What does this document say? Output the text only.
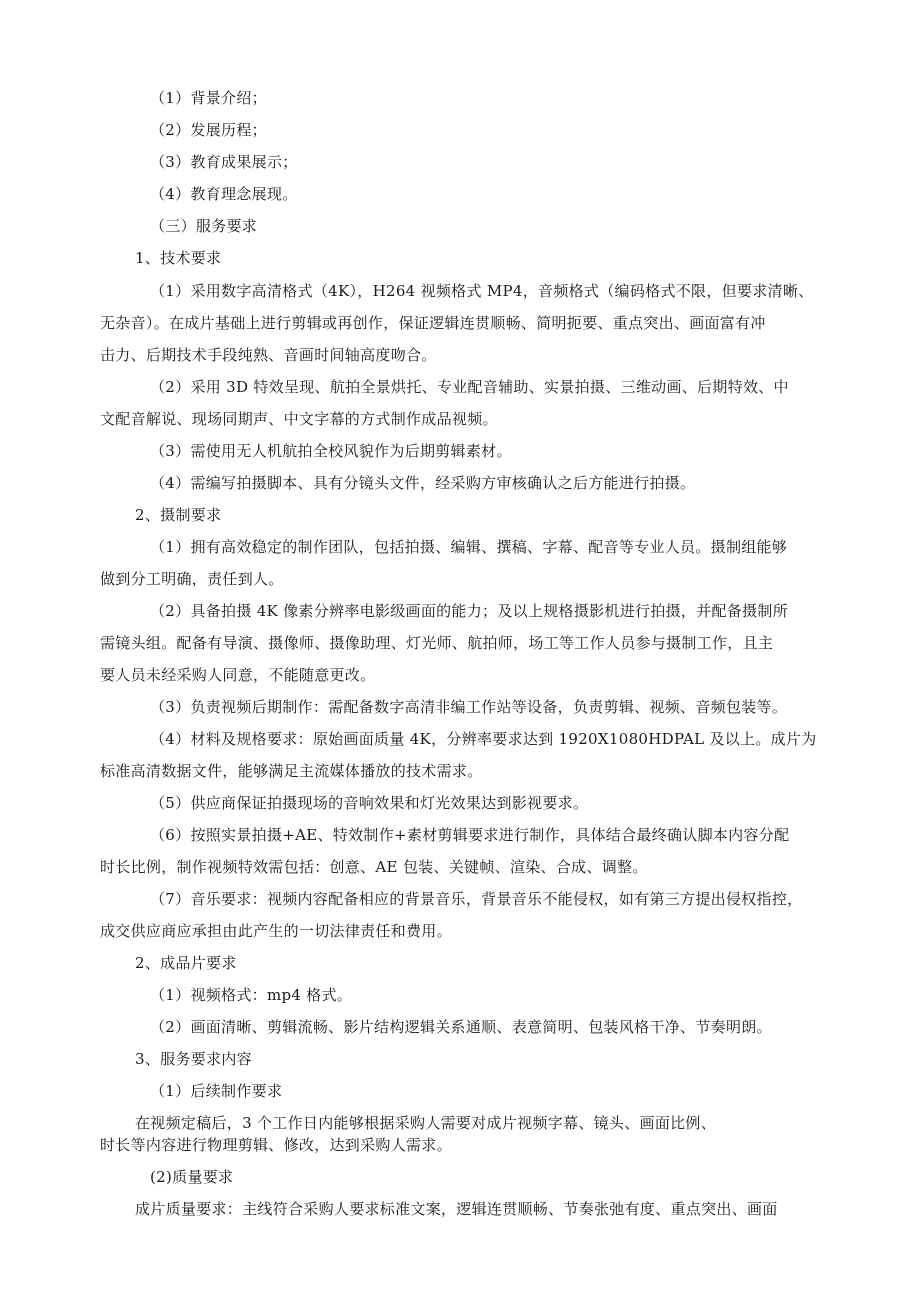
（1）背景介绍；
（2）发展历程；
（3）教育成果展示；
（4）教育理念展现。
（三）服务要求
1、技术要求
（1）采用数字高清格式（4K），H264 视频格式 MP4，音频格式（编码格式不限，但要求清晰、
无杂音）。在成片基础上进行剪辑或再创作，保证逻辑连贯顺畅、简明扼要、重点突出、画面富有冲
击力、后期技术手段纯熟、音画时间轴高度吻合。
（2）采用 3D 特效呈现、航拍全景烘托、专业配音辅助、实景拍摄、三维动画、后期特效、中
文配音解说、现场同期声、中文字幕的方式制作成品视频。
（3）需使用无人机航拍全校风貌作为后期剪辑素材。
（4）需编写拍摄脚本、具有分镜头文件，经采购方审核确认之后方能进行拍摄。
2、摄制要求
（1）拥有高效稳定的制作团队，包括拍摄、编辑、撰稿、字幕、配音等专业人员。摄制组能够
做到分工明确，责任到人。
（2）具备拍摄 4K 像素分辨率电影级画面的能力；及以上规格摄影机进行拍摄，并配备摄制所
需镜头组。配备有导演、摄像师、摄像助理、灯光师、航拍师，场工等工作人员参与摄制工作，且主
要人员未经采购人同意，不能随意更改。
（3）负责视频后期制作：需配备数字高清非编工作站等设备，负责剪辑、视频、音频包装等。
（4）材料及规格要求：原始画面质量 4K，分辨率要求达到 1920X1080HDPAL 及以上。成片为
标准高清数据文件，能够满足主流媒体播放的技术需求。
（5）供应商保证拍摄现场的音响效果和灯光效果达到影视要求。
（6）按照实景拍摄+AE、特效制作+素材剪辑要求进行制作，具体结合最终确认脚本内容分配
时长比例，制作视频特效需包括：创意、AE 包装、关键帧、渲染、合成、调整。
（7）音乐要求：视频内容配备相应的背景音乐，背景音乐不能侵权，如有第三方提出侵权指控，
成交供应商应承担由此产生的一切法律责任和费用。
2、成品片要求
（1）视频格式：mp4 格式。
（2）画面清晰、剪辑流畅、影片结构逻辑关系通顺、表意简明、包装风格干净、节奏明朗。
3、服务要求内容
（1）后续制作要求
在视频定稿后，3 个工作日内能够根据采购人需要对成片视频字幕、镜头、画面比例、
时长等内容进行物理剪辑、修改，达到采购人需求。
(2)质量要求
成片质量要求：主线符合采购人要求标准文案，逻辑连贯顺畅、节奏张弛有度、重点突出、画面
